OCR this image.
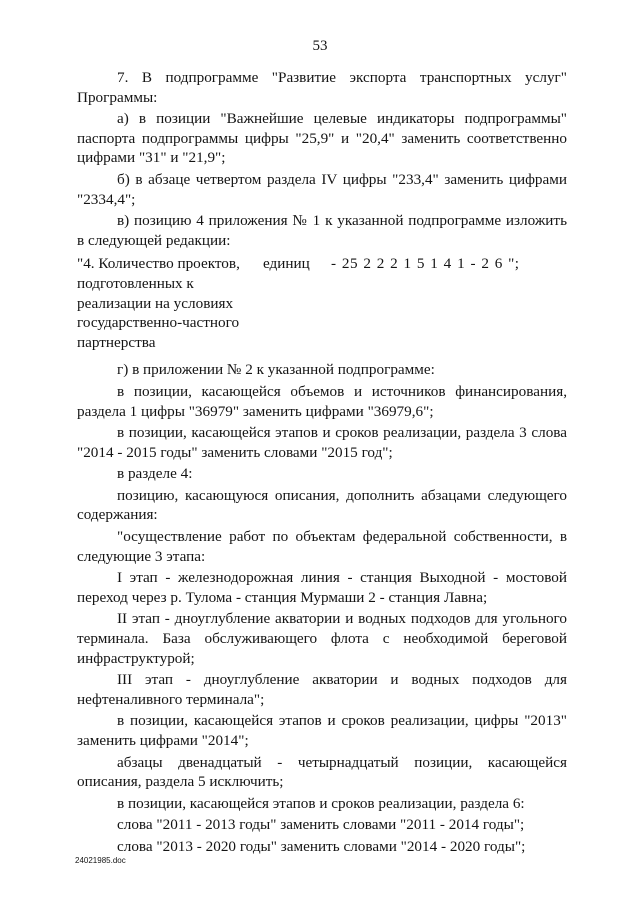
53

7. В подпрограмме "Развитие экспорта транспортных услуг" Программы:

а) в позиции "Важнейшие целевые индикаторы подпрограммы" паспорта подпрограммы цифры "25,9" и "20,4" заменить соответственно цифрами "31" и "21,9";

б) в абзаце четвертом раздела IV цифры "233,4" заменить цифрами "2334,4";

в) позицию 4 приложения № 1 к указанной подпрограмме изложить в следующей редакции:

"4. Количество проектов, подготовленных к реализации на условиях государственно-частного партнерства
единиц	- 25 2 2 2 1 5 1 4 1 - 2 6 ";

г) в приложении № 2 к указанной подпрограмме:

в позиции, касающейся объемов и источников финансирования, раздела 1 цифры "36979" заменить цифрами "36979,6";

в позиции, касающейся этапов и сроков реализации, раздела 3 слова "2014 - 2015 годы" заменить словами "2015 год";

в разделе 4:

позицию, касающуюся описания, дополнить абзацами следующего содержания:

"осуществление работ по объектам федеральной собственности, в следующие 3 этапа:

I этап - железнодорожная линия - станция Выходной - мостовой переход через р. Тулома - станция Мурмаши 2 - станция Лавна;

II этап - дноуглубление акватории и водных подходов для угольного терминала. База обслуживающего флота с необходимой береговой инфраструктурой;

III этап - дноуглубление акватории и водных подходов для нефтеналивного терминала";

в позиции, касающейся этапов и сроков реализации, цифры "2013" заменить цифрами "2014";

абзацы двенадцатый - четырнадцатый позиции, касающейся описания, раздела 5 исключить;

в позиции, касающейся этапов и сроков реализации, раздела 6:

слова "2011 - 2013 годы" заменить словами "2011 - 2014 годы";

слова "2013 - 2020 годы" заменить словами "2014 - 2020 годы";

24021985.doc
